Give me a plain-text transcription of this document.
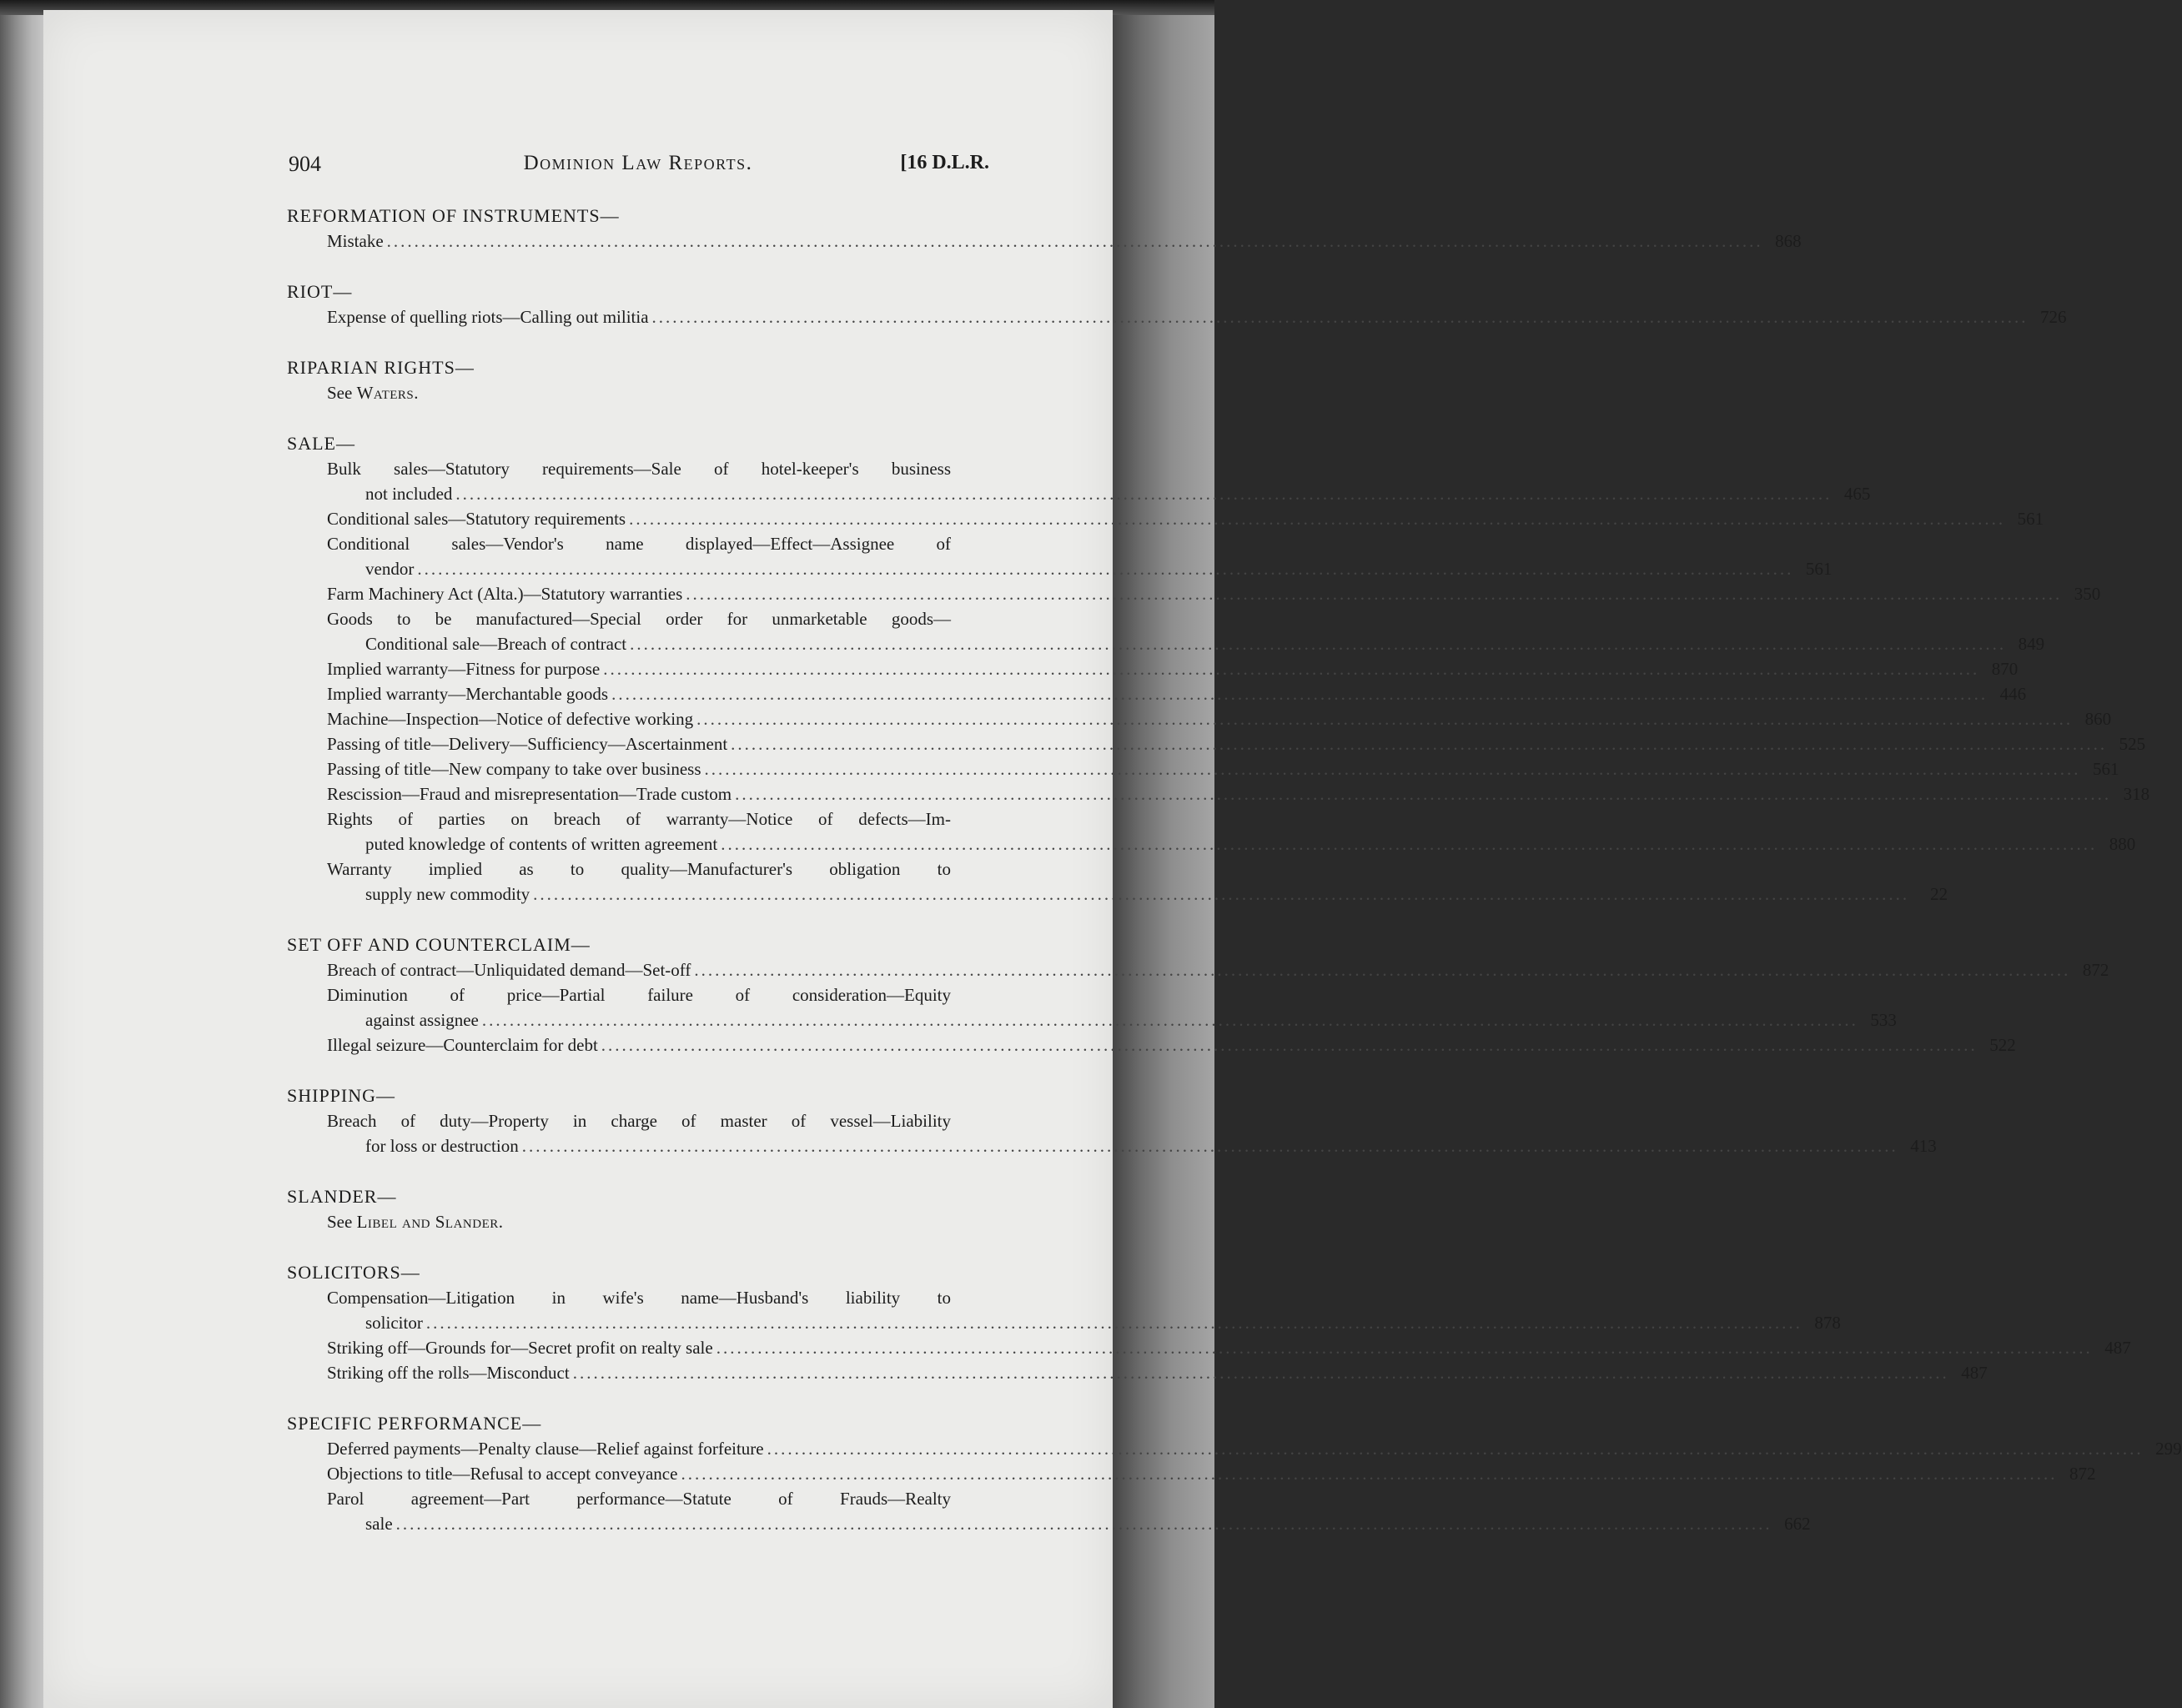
904	Dominion Law Reports.	[16 D.L.R.
REFORMATION OF INSTRUMENTS—
Mistake ........................................................................................................................................................................................................ 868
RIOT—
Expense of quelling riots—Calling out militia ........................................................................................................................................................................................................ 726
RIPARIAN RIGHTS—
See Waters.
SALE—
Bulk sales—Statutory requirements—Sale of hotel-keeper's business
not included ........................................................................................................................................................................................................ 465
Conditional sales—Statutory requirements ........................................................................................................................................................................................................ 561
Conditional sales—Vendor's name displayed—Effect—Assignee of
vendor ........................................................................................................................................................................................................ 561
Farm Machinery Act (Alta.)—Statutory warranties ........................................................................................................................................................................................................ 350
Goods to be manufactured—Special order for unmarketable goods—
Conditional sale—Breach of contract ........................................................................................................................................................................................................ 849
Implied warranty—Fitness for purpose ........................................................................................................................................................................................................ 870
Implied warranty—Merchantable goods ........................................................................................................................................................................................................ 446
Machine—Inspection—Notice of defective working ........................................................................................................................................................................................................ 860
Passing of title—Delivery—Sufficiency—Ascertainment ........................................................................................................................................................................................................ 525
Passing of title—New company to take over business ........................................................................................................................................................................................................ 561
Rescission—Fraud and misrepresentation—Trade custom ........................................................................................................................................................................................................ 318
Rights of parties on breach of warranty—Notice of defects—Im-
puted knowledge of contents of written agreement ........................................................................................................................................................................................................ 880
Warranty implied as to quality—Manufacturer's obligation to
supply new commodity ........................................................................................................................................................................................................	22
SET OFF AND COUNTERCLAIM—
Breach of contract—Unliquidated demand—Set-off ........................................................................................................................................................................................................ 872
Diminution of price—Partial failure of consideration—Equity
against assignee ........................................................................................................................................................................................................ 533
Illegal seizure—Counterclaim for debt ........................................................................................................................................................................................................ 522
SHIPPING—
Breach of duty—Property in charge of master of vessel—Liability
for loss or destruction ........................................................................................................................................................................................................ 413
SLANDER—
See Libel and Slander.
SOLICITORS—
Compensation—Litigation in wife's name—Husband's liability to
solicitor ........................................................................................................................................................................................................ 878
Striking off—Grounds for—Secret profit on realty sale ........................................................................................................................................................................................................ 487
Striking off the rolls—Misconduct ........................................................................................................................................................................................................ 487
SPECIFIC PERFORMANCE—
Deferred payments—Penalty clause—Relief against forfeiture ........................................................................................................................................................................................................ 299
Objections to title—Refusal to accept conveyance ........................................................................................................................................................................................................ 872
Parol agreement—Part performance—Statute of Frauds—Realty
sale ........................................................................................................................................................................................................ 662
